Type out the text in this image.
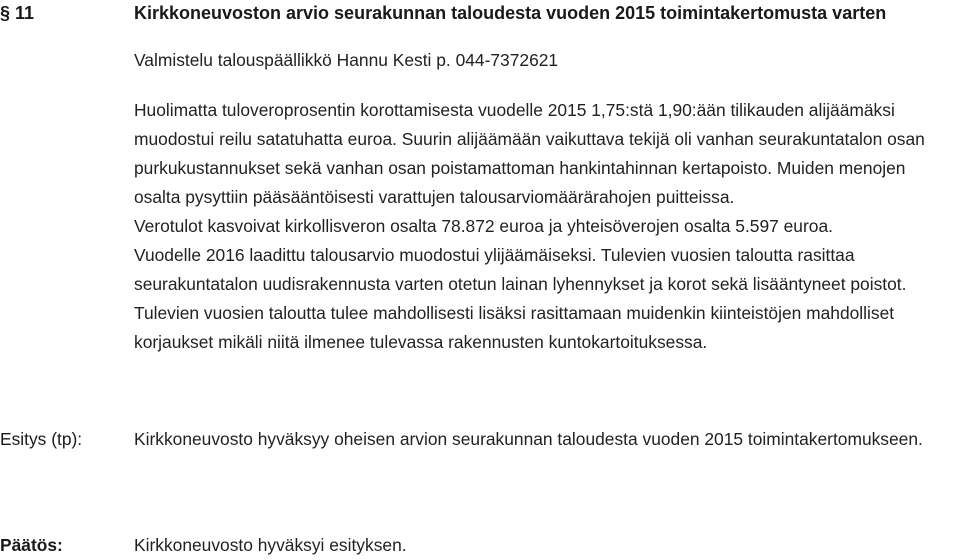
§ 11	Kirkkoneuvoston arvio seurakunnan taloudesta vuoden 2015 toimintakertomusta varten
Valmistelu talouspäällikkö Hannu Kesti p. 044-7372621

Huolimatta tuloveroprosentin korottamisesta vuodelle 2015 1,75:stä 1,90:ään tilikauden alijäämäksi muodostui reilu satatuhatta euroa. Suurin alijäämään vaikuttava tekijä oli vanhan seurakuntatalon osan purkukustannukset sekä vanhan osan poistamattoman hankintahinnan kertapoisto. Muiden menojen osalta pysyttiin pääsääntöisesti varattujen talousarviomäärärahojen puitteissa.

Verotulot kasvoivat kirkollisveron osalta 78.872 euroa ja yhteisöverojen osalta 5.597 euroa.

Vuodelle 2016 laadittu talousarvio muodostui ylijäämäiseksi. Tulevien vuosien taloutta rasittaa seurakuntatalon uudisrakennusta varten otetun lainan lyhennykset ja korot sekä lisääntyneet poistot. Tulevien vuosien taloutta tulee mahdollisesti lisäksi rasittamaan muidenkin kiinteistöjen mahdolliset korjaukset mikäli niitä ilmenee tulevassa rakennusten kuntokartoituksessa.

Esitys (tp):	Kirkkoneuvosto hyväksyy oheisen arvion seurakunnan taloudesta vuoden 2015 toimintakertomukseen.
Päätös:	Kirkkoneuvosto hyväksyi esityksen.
